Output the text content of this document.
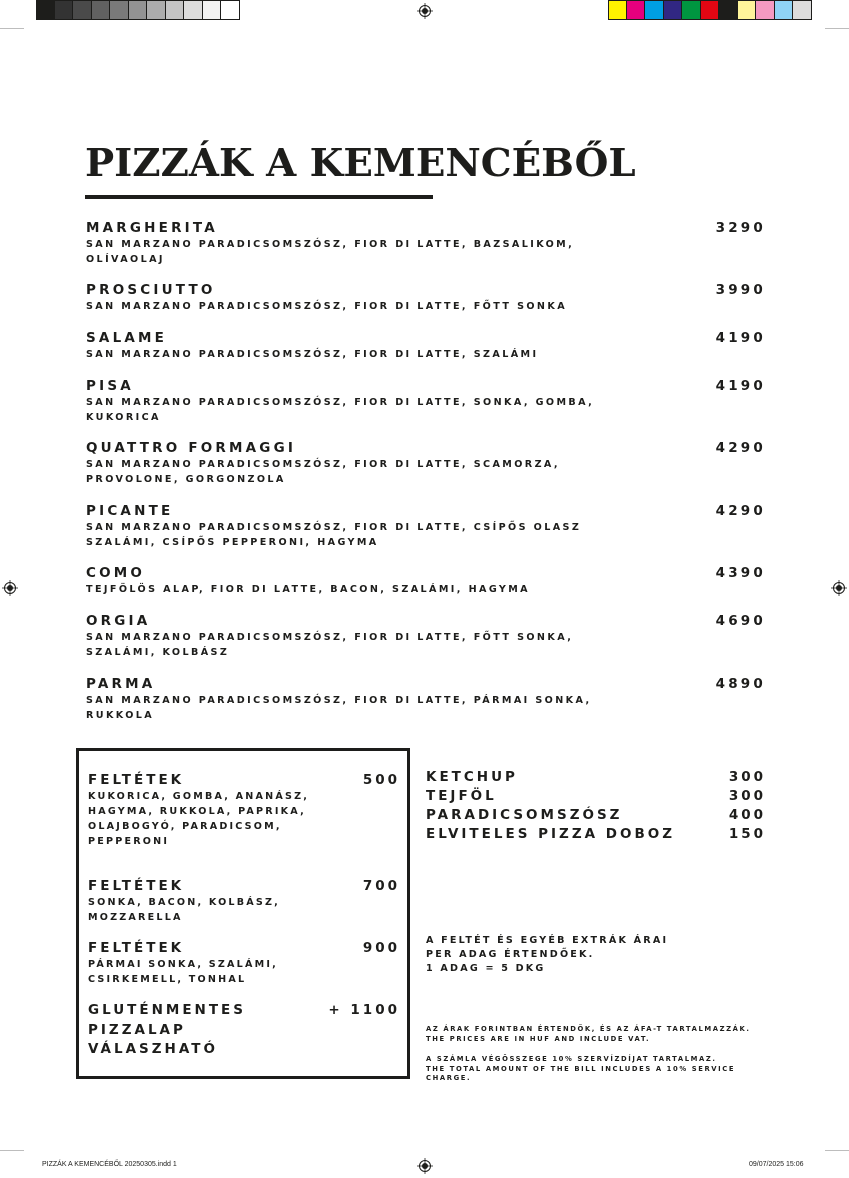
PIZZÁK A KEMENCÉBŐL
MARGHERITA
SAN MARZANO PARADICSOMSZÓSZ, FIOR DI LATTE, BAZSALIKOM, OLÍVAOLAJ
3290
PROSCIUTTO
SAN MARZANO PARADICSOMSZÓSZ, FIOR DI LATTE, FŐTT SONKA
3990
SALAME
SAN MARZANO PARADICSOMSZÓSZ, FIOR DI LATTE, SZALÁMI
4190
PISA
SAN MARZANO PARADICSOMSZÓSZ, FIOR DI LATTE, SONKA, GOMBA, KUKORICA
4190
QUATTRO FORMAGGI
SAN MARZANO PARADICSOMSZÓSZ, FIOR DI LATTE, SCAMORZA, PROVOLONE, GORGONZOLA
4290
PICANTE
SAN MARZANO PARADICSOMSZÓSZ, FIOR DI LATTE, CSÍPŐS OLASZ SZALÁMI, CSÍPŐS PEPPERONI, HAGYMA
4290
COMO
TEJFÖLÖS ALAP, FIOR DI LATTE, BACON, SZALÁMI, HAGYMA
4390
ORGIA
SAN MARZANO PARADICSOMSZÓSZ, FIOR DI LATTE, FŐTT SONKA, SZALÁMI, KOLBÁSZ
4690
PARMA
SAN MARZANO PARADICSOMSZÓSZ, FIOR DI LATTE, PÁRMAI SONKA, RUKKOLA
4890
FELTÉTEK	500
KUKORICA, GOMBA, ANANÁSZ, HAGYMA, RUKKOLA, PAPRIKA, OLAJBOGYÓ, PARADICSOM, PEPPERONI
FELTÉTEK	700
SONKA, BACON, KOLBÁSZ, MOZZARELLA
FELTÉTEK	900
PÁRMAI SONKA, SZALÁMI, CSIRKEMELL, TONHAL
GLUTÉNMENTES PIZZALAP VÁLASZHATÓ
+ 1100
KETCHUP	300
TEJFÖL	300
PARADICSOMSZÓSZ	400
ELVITELES PIZZA DOBOZ	150
A FELTÉT ÉS EGYÉB EXTRÁK ÁRAI
PER ADAG ÉRTENDŐEK.
1 ADAG = 5 DKG
AZ ÁRAK FORINTBAN ÉRTENDŐK, ÉS AZ ÁFA-T TARTALMAZZÁK.
THE PRICES ARE IN HUF AND INCLUDE VAT.
A SZÁMLA VÉGÖSSZEGE 10% SZERVÍZDÍJAT TARTALMAZ.
THE TOTAL AMOUNT OF THE BILL INCLUDES A 10% SERVICE CHARGE.
PIZZÁK A KEMENCÉBŐL 20250305.indd 1	09/07/2025 15:06
